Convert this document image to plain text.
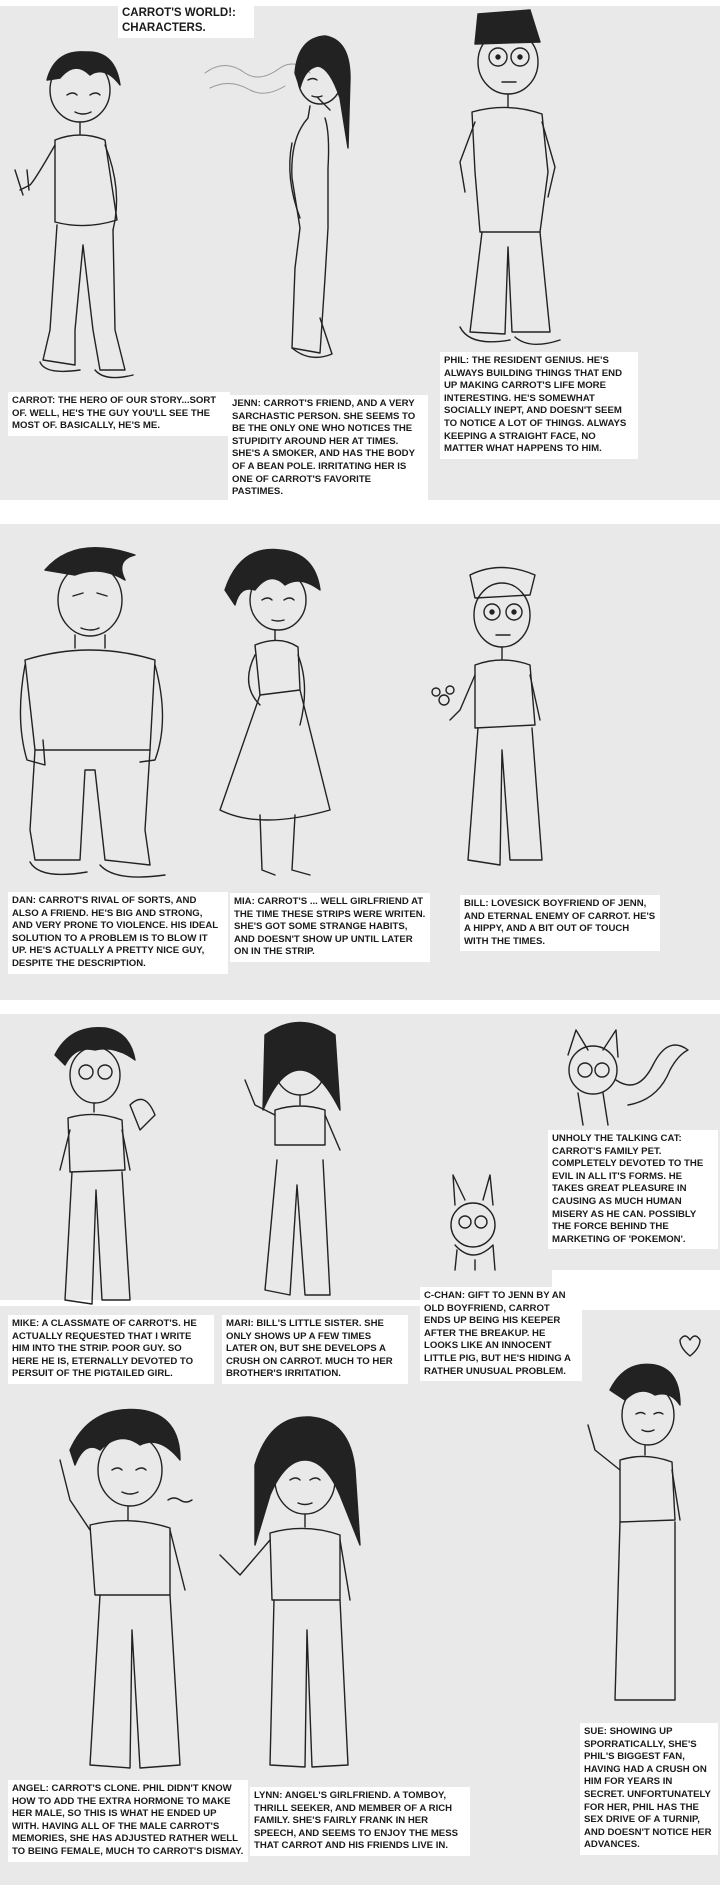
CARROT'S WORLD!:
CHARACTERS.
CARROT: THE HERO OF OUR STORY...SORT OF. WELL, HE'S THE GUY YOU'LL SEE THE MOST OF. BASICALLY, HE'S ME.
JENN: CARROT'S FRIEND, AND A VERY SARCHASTIC PERSON. SHE SEEMS TO BE THE ONLY ONE WHO NOTICES THE STUPIDITY AROUND HER AT TIMES. SHE'S A SMOKER, AND HAS THE BODY OF A BEAN POLE. IRRITATING HER IS ONE OF CARROT'S FAVORITE PASTIMES.
PHIL: THE RESIDENT GENIUS. HE'S ALWAYS BUILDING THINGS THAT END UP MAKING CARROT'S LIFE MORE INTERESTING. HE'S SOMEWHAT SOCIALLY INEPT, AND DOESN'T SEEM TO NOTICE A LOT OF THINGS. ALWAYS KEEPING A STRAIGHT FACE, NO MATTER WHAT HAPPENS TO HIM.
DAN: CARROT'S RIVAL OF SORTS, AND ALSO A FRIEND. HE'S BIG AND STRONG, AND VERY PRONE TO VIOLENCE. HIS IDEAL SOLUTION TO A PROBLEM IS TO BLOW IT UP. HE'S ACTUALLY A PRETTY NICE GUY, DESPITE THE DESCRIPTION.
MIA: CARROT'S ... WELL GIRLFRIEND AT THE TIME THESE STRIPS WERE WRITEN. SHE'S GOT SOME STRANGE HABITS, AND DOESN'T SHOW UP UNTIL LATER ON IN THE STRIP.
BILL: LOVESICK BOYFRIEND OF JENN, AND ETERNAL ENEMY OF CARROT. HE'S A HIPPY, AND A BIT OUT OF TOUCH WITH THE TIMES.
MIKE: A CLASSMATE OF CARROT'S. HE ACTUALLY REQUESTED THAT I WRITE HIM INTO THE STRIP. POOR GUY. SO HERE HE IS, ETERNALLY DEVOTED TO PERSUIT OF THE PIGTAILED GIRL.
MARI: BILL'S LITTLE SISTER. SHE ONLY SHOWS UP A FEW TIMES LATER ON, BUT SHE DEVELOPS A CRUSH ON CARROT. MUCH TO HER BROTHER'S IRRITATION.
C-CHAN: GIFT TO JENN BY AN OLD BOYFRIEND, CARROT ENDS UP BEING HIS KEEPER AFTER THE BREAKUP. HE LOOKS LIKE AN INNOCENT LITTLE PIG, BUT HE'S HIDING A RATHER UNUSUAL PROBLEM.
UNHOLY THE TALKING CAT: CARROT'S FAMILY PET. COMPLETELY DEVOTED TO THE EVIL IN ALL IT'S FORMS. HE TAKES GREAT PLEASURE IN CAUSING AS MUCH HUMAN MISERY AS HE CAN. POSSIBLY THE FORCE BEHIND THE MARKETING OF 'POKEMON'.
SUE: SHOWING UP SPORRATICALLY, SHE'S PHIL'S BIGGEST FAN, HAVING HAD A CRUSH ON HIM FOR YEARS IN SECRET. UNFORTUNATELY FOR HER, PHIL HAS THE SEX DRIVE OF A TURNIP, AND DOESN'T NOTICE HER ADVANCES.
ANGEL: CARROT'S CLONE. PHIL DIDN'T KNOW HOW TO ADD THE EXTRA HORMONE TO MAKE HER MALE, SO THIS IS WHAT HE ENDED UP WITH. HAVING ALL OF THE MALE CARROT'S MEMORIES, SHE HAS ADJUSTED RATHER WELL TO BEING FEMALE, MUCH TO CARROT'S DISMAY.
LYNN: ANGEL'S GIRLFRIEND. A TOMBOY, THRILL SEEKER, AND MEMBER OF A RICH FAMILY. SHE'S FAIRLY FRANK IN HER SPEECH, AND SEEMS TO ENJOY THE MESS THAT CARROT AND HIS FRIENDS LIVE IN.
